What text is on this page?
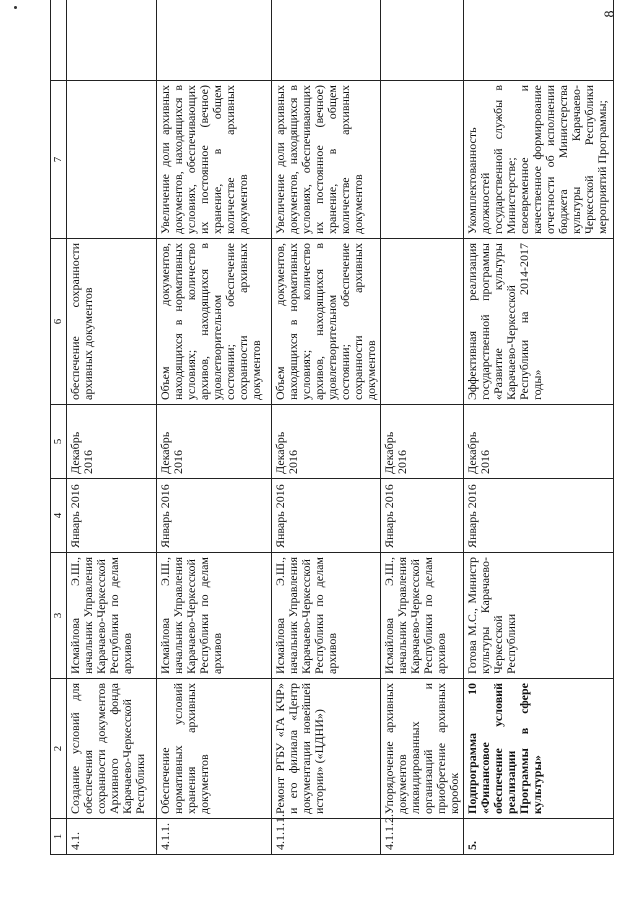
8
1	2	3	4	5	6	7	
4.1.	Создание условий для обеспечения сохранности документов Архивного фонда Карачаево-Черкесской Республики	Исмайлова Э.Ш., начальник Управления Карачаево-Черкесской Республики по делам архивов	Январь 2016	Декабрь 2016	обеспечение сохранности архивных документов		
4.1.1.	Обеспечение нормативных условий хранения архивных документов	Исмайлова Э.Ш., начальник Управления Карачаево-Черкесской Республики по делам архивов	Январь 2016	Декабрь 2016	Объем документов, находящихся в нормативных условиях; количество архивов, находящихся в удовлетворительном состоянии; обеспечение сохранности архивных документов	Увеличение доли архивных документов, находящихся в условиях, обеспечивающих их постоянное (вечное) хранение, в общем количестве архивных документов	
4.1.1.1.	Ремонт РГБУ «ГА КЧР» и его филиала «Центр документации новейшей истории» («ЦДНИ»)	Исмайлова Э.Ш., начальник Управления Карачаево-Черкесской Республики по делам архивов	Январь 2016	Декабрь 2016	Объем документов, находящихся в нормативных условиях; количество архивов, находящихся в удовлетворительном состоянии; обеспечение сохранности архивных документов	Увеличение доли архивных документов, находящихся в условиях, обеспечивающих их постоянное (вечное) хранение, в общем количестве архивных документов	
4.1.1.2.	Упорядочение архивных документов ликвидированных организаций и приобретение архивных коробок	Исмайлова Э.Ш., начальник Управления Карачаево-Черкесской Республики по делам архивов	Январь 2016	Декабрь 2016			
5.	Подпрограмма 10 «Финансовое обеспечение условий реализации Программы в сфере культуры»	Готова М.С., Министр культуры Карачаево-Черкесской Республики	Январь 2016	Декабрь 2016	Эффективная реализация государственной программы «Развитие культуры Карачаево-Черкесской Республики на 2014-2017 годы»	Укомплектованность должностей государственной службы в Министерстве; своевременное и качественное формирование отчетности об исполнении бюджета Министерства культуры Карачаево-Черкесской Республики мероприятий Программы;	
